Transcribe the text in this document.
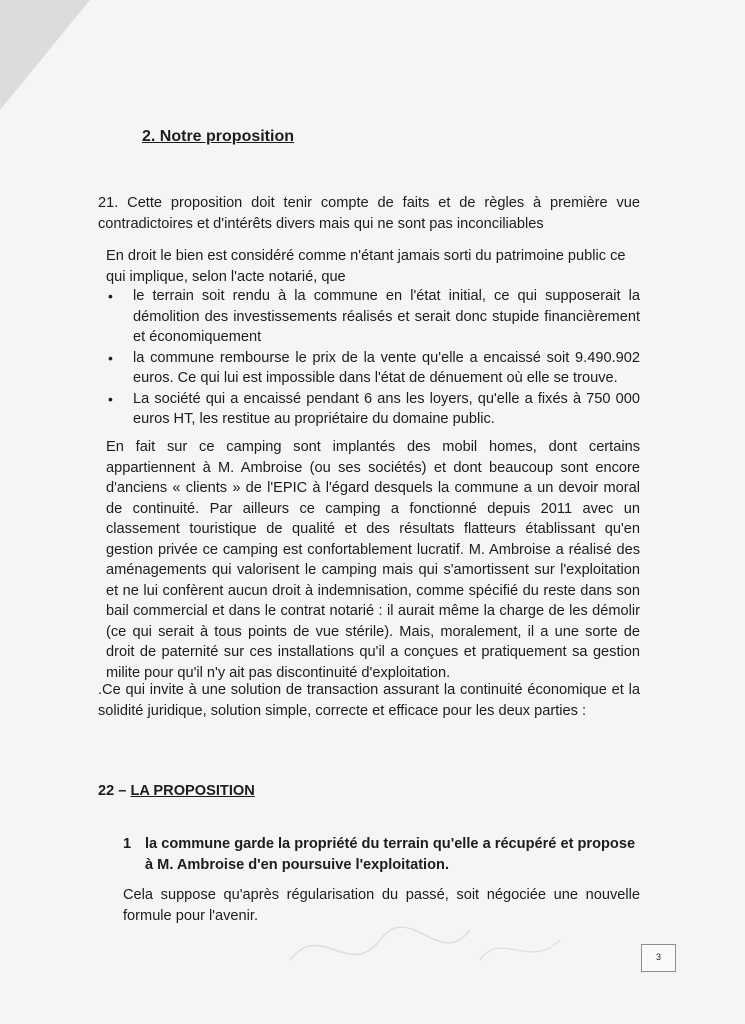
2. Notre proposition

21. Cette proposition doit tenir compte de faits et de règles à première vue contradictoires et d'intérêts divers mais qui ne sont pas inconciliables

En droit le bien est considéré comme n'étant jamais sorti du patrimoine public ce qui implique, selon l'acte notarié, que

• le terrain soit rendu à la commune en l'état initial, ce qui supposerait la démolition des investissements réalisés et serait donc stupide financièrement et économiquement
• la commune rembourse le prix de la vente qu'elle a encaissé soit 9.490.902 euros. Ce qui lui est impossible dans l'état de dénuement où elle se trouve.
• La société qui a encaissé pendant 6 ans les loyers, qu'elle a fixés à 750 000 euros HT, les restitue au propriétaire du domaine public.

En fait sur ce camping sont implantés des mobil homes, dont certains appartiennent à M. Ambroise (ou ses sociétés) et dont beaucoup sont encore d'anciens « clients » de l'EPIC à l'égard desquels la commune a un devoir moral de continuité. Par ailleurs ce camping a fonctionné depuis 2011 avec un classement touristique de qualité et des résultats flatteurs établissant qu'en gestion privée ce camping est confortablement lucratif. M. Ambroise a réalisé des aménagements qui valorisent le camping mais qui s'amortissent sur l'exploitation et ne lui confèrent aucun droit à indemnisation, comme spécifié du reste dans son bail commercial et dans le contrat notarié : il aurait même la charge de les démolir (ce qui serait à tous points de vue stérile). Mais, moralement, il a une sorte de droit de paternité sur ces installations qu'il a conçues et pratiquement sa gestion milite pour qu'il n'y ait pas discontinuité d'exploitation.

.Ce qui invite à une solution de transaction assurant la continuité économique et la solidité juridique, solution simple, correcte et efficace pour les deux parties :

22 – LA PROPOSITION
1 la commune garde la propriété du terrain qu'elle a récupéré et propose à M. Ambroise d'en poursuive l'exploitation.

Cela suppose qu'après régularisation du passé, soit négociée une nouvelle formule pour l'avenir.

3
